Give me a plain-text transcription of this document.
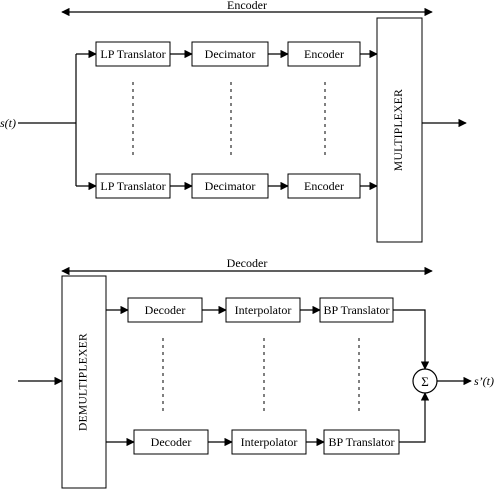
Encoder
s(t)
LP Translator	Decimator	Encoder
LP Translator	Decimator	Encoder
MULTIPLEXER
Decoder
DEMULTIPLEXER
Decoder	Interpolator	BP Translator
Decoder	Interpolator	BP Translator
Σ	s’(t)
